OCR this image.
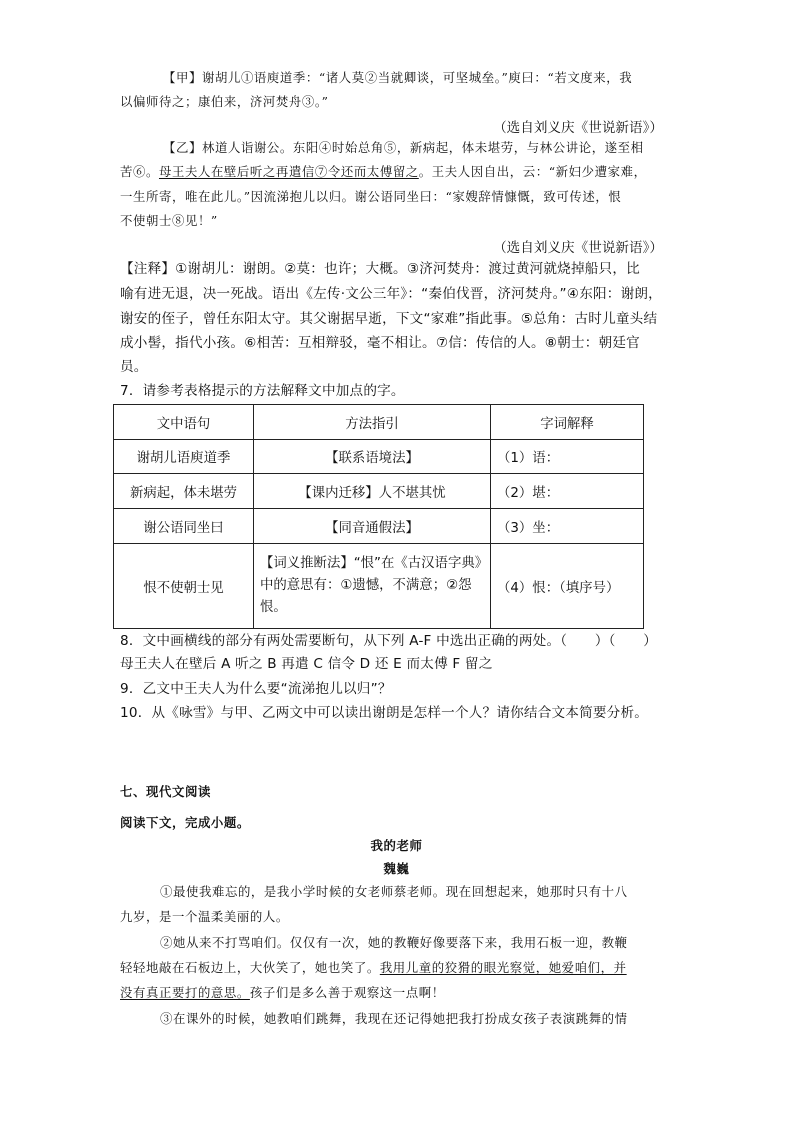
【甲】谢胡儿①语庾道季：“诸人莫②当就卿谈，可坚城垒。”庾曰：“若文度来，我
以偏师待之；康伯来，济河焚舟③。”
（选自刘义庆《世说新语》）
【乙】林道人诣谢公。东阳④时始总角⑤，新病起，体未堪劳，与林公讲论，遂至相
苦⑥。母王夫人在壁后听之再遣信⑦令还而太傅留之。王夫人因自出，云：“新妇少遭家难，
一生所寄，唯在此儿。”因流涕抱儿以归。谢公语同坐曰：“家嫂辞情慷慨，致可传述，恨
不使朝士⑧见！”
（选自刘义庆《世说新语》）
【注释】①谢胡儿：谢朗。②莫：也许；大概。③济河焚舟：渡过黄河就烧掉船只，比
喻有进无退，决一死战。语出《左传·文公三年》：“秦伯伐晋，济河焚舟。”④东阳：谢朗，
谢安的侄子，曾任东阳太守。其父谢据早逝，下文“家难”指此事。⑤总角：古时儿童头结
成小髻，指代小孩。⑥相苦：互相辩驳，毫不相让。⑦信：传信的人。⑧朝士：朝廷官
员。
7．请参考表格提示的方法解释文中加点的字。
文中语句	方法指引	字词解释
谢胡儿语庾道季	【联系语境法】	（1）语：
新病起，体未堪劳	【课内迁移】人不堪其忧	（2）堪：
谢公语同坐曰	【同音通假法】	（3）坐：
恨不使朝士见	【词义推断法】“恨”在《古汉语字典》中的意思有：①遗憾，不满意；②怨恨。	（4）恨：（填序号）
8．文中画横线的部分有两处需要断句，从下列 A-F 中选出正确的两处。（　　）（　　）
母王夫人在壁后 A 听之 B 再遣 C 信令 D 还 E 而太傅 F 留之
9．乙文中王夫人为什么要“流涕抱儿以归”？
10．从《咏雪》与甲、乙两文中可以读出谢朗是怎样一个人？请你结合文本简要分析。
七、现代文阅读
阅读下文，完成小题。
我的老师
魏巍
①最使我难忘的，是我小学时候的女老师蔡老师。现在回想起来，她那时只有十八
九岁，是一个温柔美丽的人。
②她从来不打骂咱们。仅仅有一次，她的教鞭好像要落下来，我用石板一迎，教鞭
轻轻地敲在石板边上，大伙笑了，她也笑了。我用儿童的狡猾的眼光察觉，她爱咱们，并
没有真正要打的意思。孩子们是多么善于观察这一点啊！
③在课外的时候，她教咱们跳舞，我现在还记得她把我打扮成女孩子表演跳舞的情
